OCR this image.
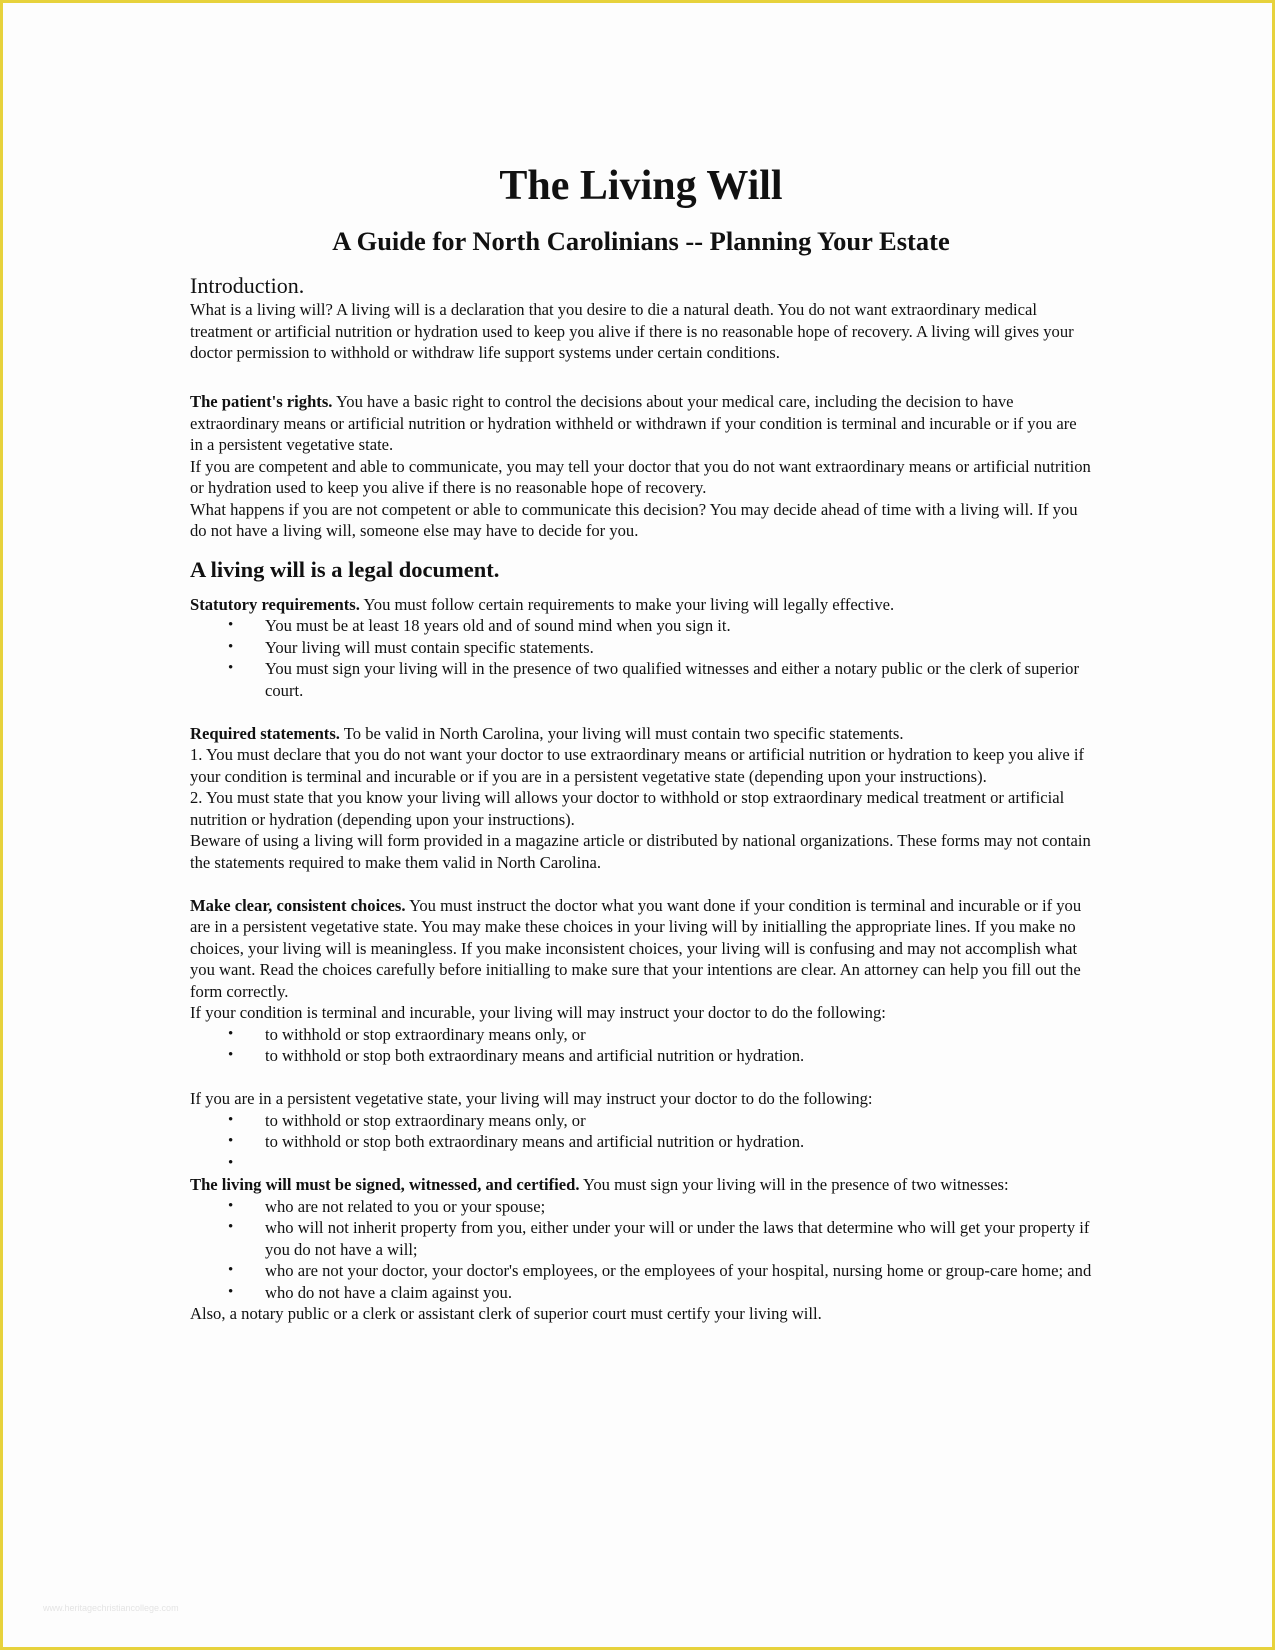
The Living Will
A Guide for North Carolinians -- Planning Your Estate
Introduction.

What is a living will? A living will is a declaration that you desire to die a natural death. You do not want extraordinary medical treatment or artificial nutrition or hydration used to keep you alive if there is no reasonable hope of recovery. A living will gives your doctor permission to withhold or withdraw life support systems under certain conditions.

The patient's rights. You have a basic right to control the decisions about your medical care, including the decision to have extraordinary means or artificial nutrition or hydration withheld or withdrawn if your condition is terminal and incurable or if you are in a persistent vegetative state.

If you are competent and able to communicate, you may tell your doctor that you do not want extraordinary means or artificial nutrition or hydration used to keep you alive if there is no reasonable hope of recovery.

What happens if you are not competent or able to communicate this decision? You may decide ahead of time with a living will. If you do not have a living will, someone else may have to decide for you.

A living will is a legal document.

Statutory requirements. You must follow certain requirements to make your living will legally effective.

• You must be at least 18 years old and of sound mind when you sign it.
• Your living will must contain specific statements.
• You must sign your living will in the presence of two qualified witnesses and either a notary public or the clerk of superior court.

Required statements. To be valid in North Carolina, your living will must contain two specific statements.

1. You must declare that you do not want your doctor to use extraordinary means or artificial nutrition or hydration to keep you alive if your condition is terminal and incurable or if you are in a persistent vegetative state (depending upon your instructions).

2. You must state that you know your living will allows your doctor to withhold or stop extraordinary medical treatment or artificial nutrition or hydration (depending upon your instructions).

Beware of using a living will form provided in a magazine article or distributed by national organizations. These forms may not contain the statements required to make them valid in North Carolina.

Make clear, consistent choices. You must instruct the doctor what you want done if your condition is terminal and incurable or if you are in a persistent vegetative state. You may make these choices in your living will by initialling the appropriate lines. If you make no choices, your living will is meaningless. If you make inconsistent choices, your living will is confusing and may not accomplish what you want. Read the choices carefully before initialling to make sure that your intentions are clear. An attorney can help you fill out the form correctly.

If your condition is terminal and incurable, your living will may instruct your doctor to do the following:

• to withhold or stop extraordinary means only, or
• to withhold or stop both extraordinary means and artificial nutrition or hydration.

If you are in a persistent vegetative state, your living will may instruct your doctor to do the following:

• to withhold or stop extraordinary means only, or
• to withhold or stop both extraordinary means and artificial nutrition or hydration.
•

The living will must be signed, witnessed, and certified. You must sign your living will in the presence of two witnesses:

• who are not related to you or your spouse;
• who will not inherit property from you, either under your will or under the laws that determine who will get your property if you do not have a will;
• who are not your doctor, your doctor's employees, or the employees of your hospital, nursing home or group-care home; and
• who do not have a claim against you.

Also, a notary public or a clerk or assistant clerk of superior court must certify your living will.

www.heritagechristiancollege.com
